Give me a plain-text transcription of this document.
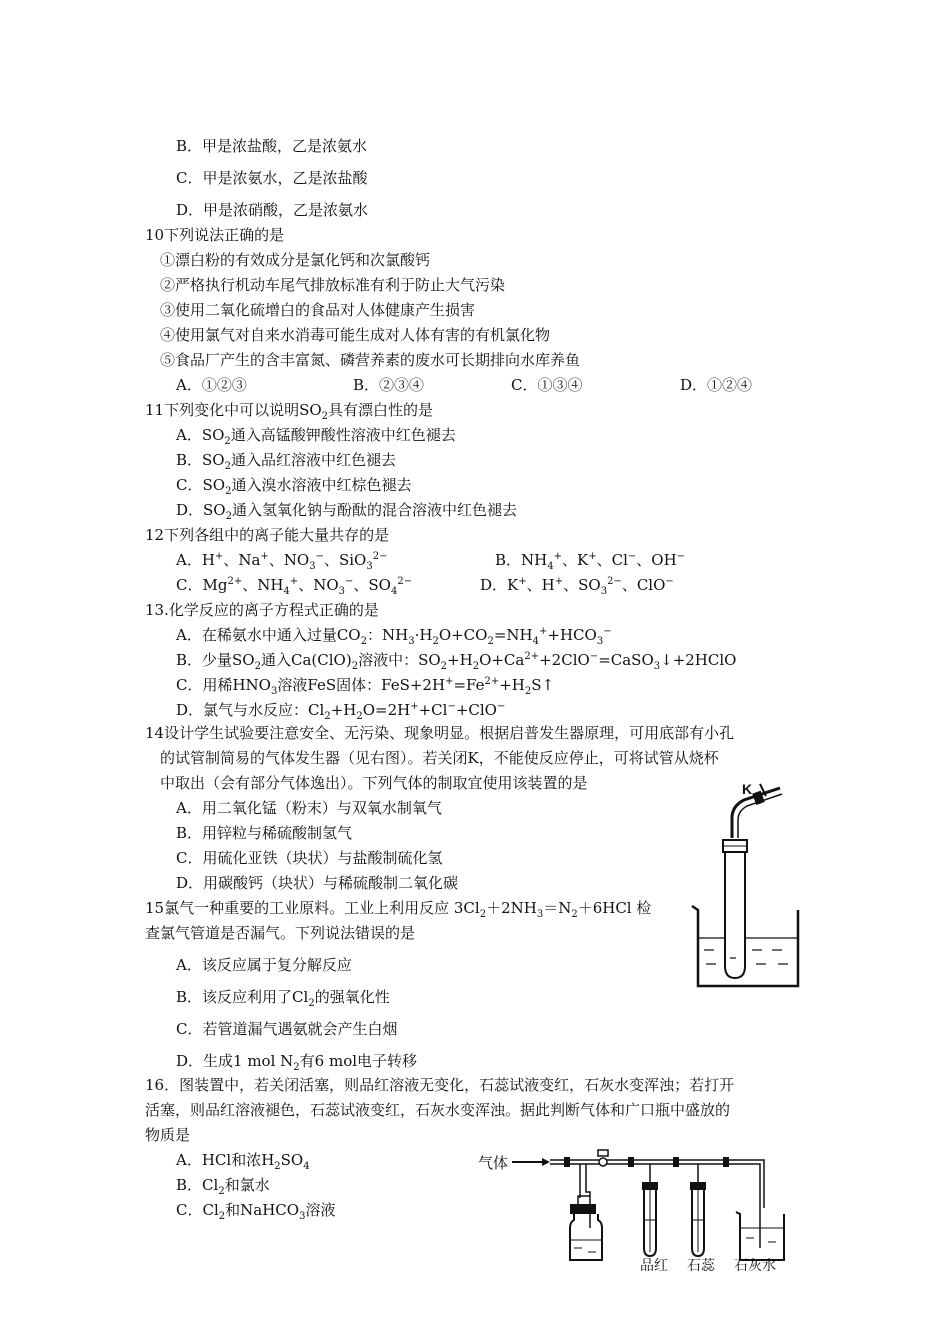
B．甲是浓盐酸，乙是浓氨水
C．甲是浓氨水，乙是浓盐酸
D．甲是浓硝酸，乙是浓氨水
10下列说法正确的是
①漂白粉的有效成分是氯化钙和次氯酸钙
②严格执行机动车尾气排放标准有利于防止大气污染
③使用二氧化硫增白的食品对人体健康产生损害
④使用氯气对自来水消毒可能生成对人体有害的有机氯化物
⑤食品厂产生的含丰富氮、磷营养素的废水可长期排向水库养鱼
A．①②③	B．②③④	C．①③④	D．①②④
11下列变化中可以说明$SO_2$具有漂白性的是
A．$SO_2$通入高锰酸钾酸性溶液中红色褪去
B．$SO_2$通入品红溶液中红色褪去
C．$SO_2$通入溴水溶液中红棕色褪去
D．$SO_2$通入氢氧化钠与酚酞的混合溶液中红色褪去
12下列各组中的离子能大量共存的是
A．H+、Na+、$NO_3^-$、SiO$_3^{2-}$	B．$NH_4^+$、K+、Cl−、OH−
C．$Mg^{2+}$、$NH_4^+$、$NO_3^-$、$SO_4^{2-}$	D．K+、H+、$SO_3^{2-}$、ClO−
13.化学反应的离子方程式正确的是
A．在稀氨水中通入过量$CO_2$：$NH_3\cdot H_2O+CO_2=NH_4^++HCO_3^-$
B．少量$SO_2$通入$Ca(ClO)_2$溶液中：$SO_2+H_2O+Ca^{2+}+2ClO^-=CaSO_3↓+2HClO$
C．用稀$HNO_3$溶液FeS固体：$FeS+2H^+=Fe^{2+}+H_2S↑$
D．氯气与水反应：$Cl_2+H_2O=2H^++Cl^-+ClO^-$
14设计学生试验要注意安全、无污染、现象明显。根据启普发生器原理，可用底部有小孔
的试管制简易的气体发生器（见右图）。若关闭K，不能使反应停止，可将试管从烧杯
中取出（会有部分气体逸出）。下列气体的制取宜使用该装置的是
A．用二氧化锰（粉末）与双氧水制氧气
B．用锌粒与稀硫酸制氢气
C．用硫化亚铁（块状）与盐酸制硫化氢
D．用碳酸钙（块状）与稀硫酸制二氧化碳
K
15氯气一种重要的工业原料。工业上利用反应 $3Cl_2+2NH_3=N_2+6HCl$ 检
查氯气管道是否漏气。下列说法错误的是
A．该反应属于复分解反应
B．该反应利用了$Cl_2$的强氧化性
C．若管道漏气遇氨就会产生白烟
D．生成1 mol $N_2$有6 mol电子转移
16．图装置中，若关闭活塞，则品红溶液无变化，石蕊试液变红，石灰水变浑浊；若打开
活塞，则品红溶液褪色，石蕊试液变红，石灰水变浑浊。据此判断气体和广口瓶中盛放的
物质是
A．HCl和浓$H_2SO_4$
B．$Cl_2$和氯水
C．$Cl_2$和NaHCO$_3$溶液
气体
品红 石蕊 石灰水
